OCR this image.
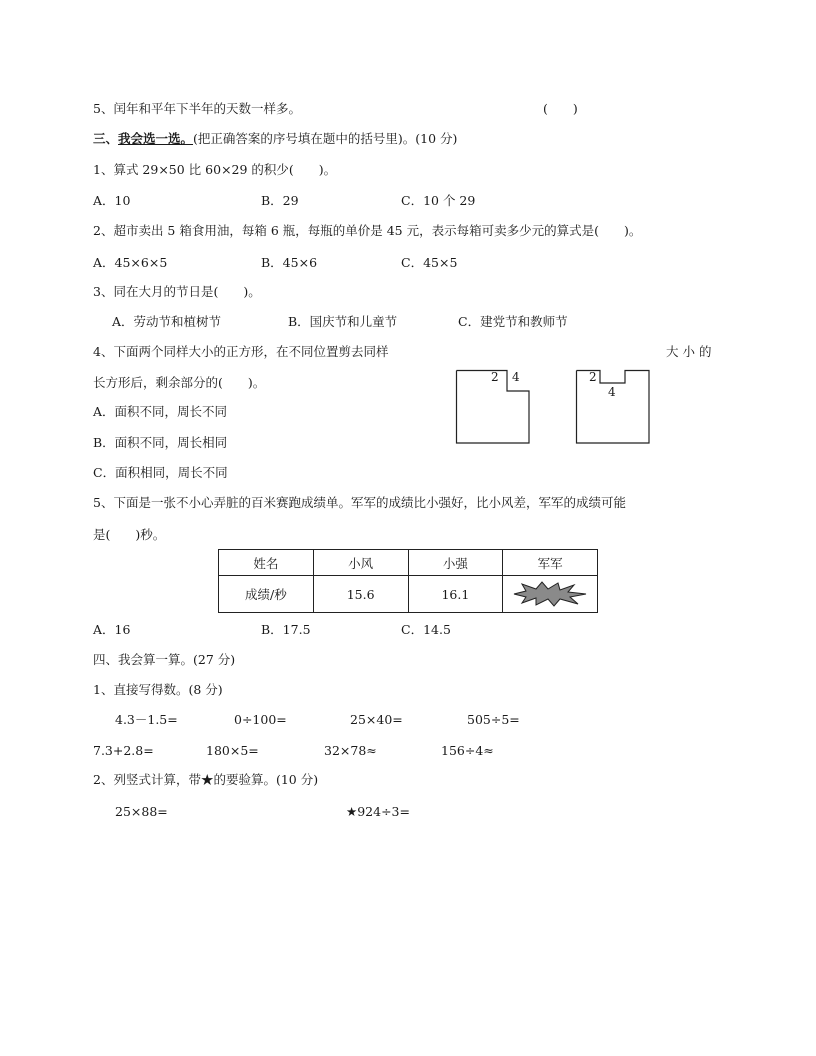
5、闰年和平年下半年的天数一样多。	(　　)
三、我会选一选。(把正确答案的序号填在题中的括号里)。(10 分)
1、算式 29×50 比 60×29 的积少(　　)。
A．10	B．29	C．10 个 29
2、超市卖出 5 箱食用油，每箱 6 瓶，每瓶的单价是 45 元，表示每箱可卖多少元的算式是(　　)。
A．45×6×5	B．45×6	C．45×5
3、同在大月的节日是(　　)。
A．劳动节和植树节	B．国庆节和儿童节	C．建党节和教师节
4、下面两个同样大小的正方形，在不同位置剪去同样	大 小 的
长方形后，剩余部分的(　　)。
A．面积不同，周长不同
B．面积不同，周长相同
C．面积相同，周长不同
2 4	2
4
5、下面是一张不小心弄脏的百米赛跑成绩单。军军的成绩比小强好，比小风差，军军的成绩可能
是(　　)秒。
姓名	小风	小强	军军
成绩/秒	15.6	16.1	
A．16	B．17.5	C．14.5
四、我会算一算。(27 分)
1、直接写得数。(8 分)
4.3－1.5=	0÷100=	25×40=	505÷5=
7.3+2.8=	180×5=	32×78≈	156÷4≈
2、列竖式计算，带★的要验算。(10 分)
25×88=	★924÷3=
